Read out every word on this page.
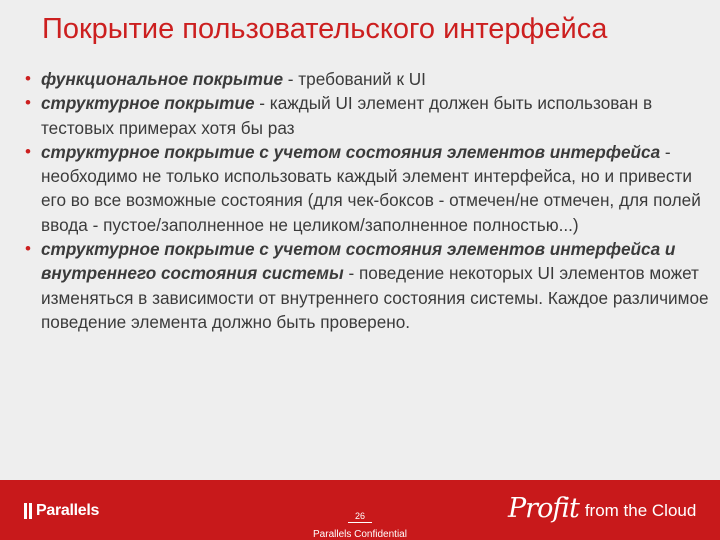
Покрытие пользовательского интерфейса
• функциональное покрытие - требований к UI
• структурное покрытие - каждый UI элемент должен быть использован в тестовых примерах хотя бы раз
• структурное покрытие с учетом состояния элементов интерфейса - необходимо не только использовать каждый элемент интерфейса, но и привести его во все возможные состояния (для чек-боксов - отмечен/не отмечен, для полей ввода - пустое/заполненное не целиком/заполненное полностью...)
• структурное покрытие с учетом состояния элементов интерфейса и внутреннего состояния системы - поведение некоторых UI элементов может изменяться в зависимости от внутреннего состояния системы. Каждое различимое поведение элемента должно быть проверено.
Parallels	26
Parallels Confidential
Profit from the Cloud
